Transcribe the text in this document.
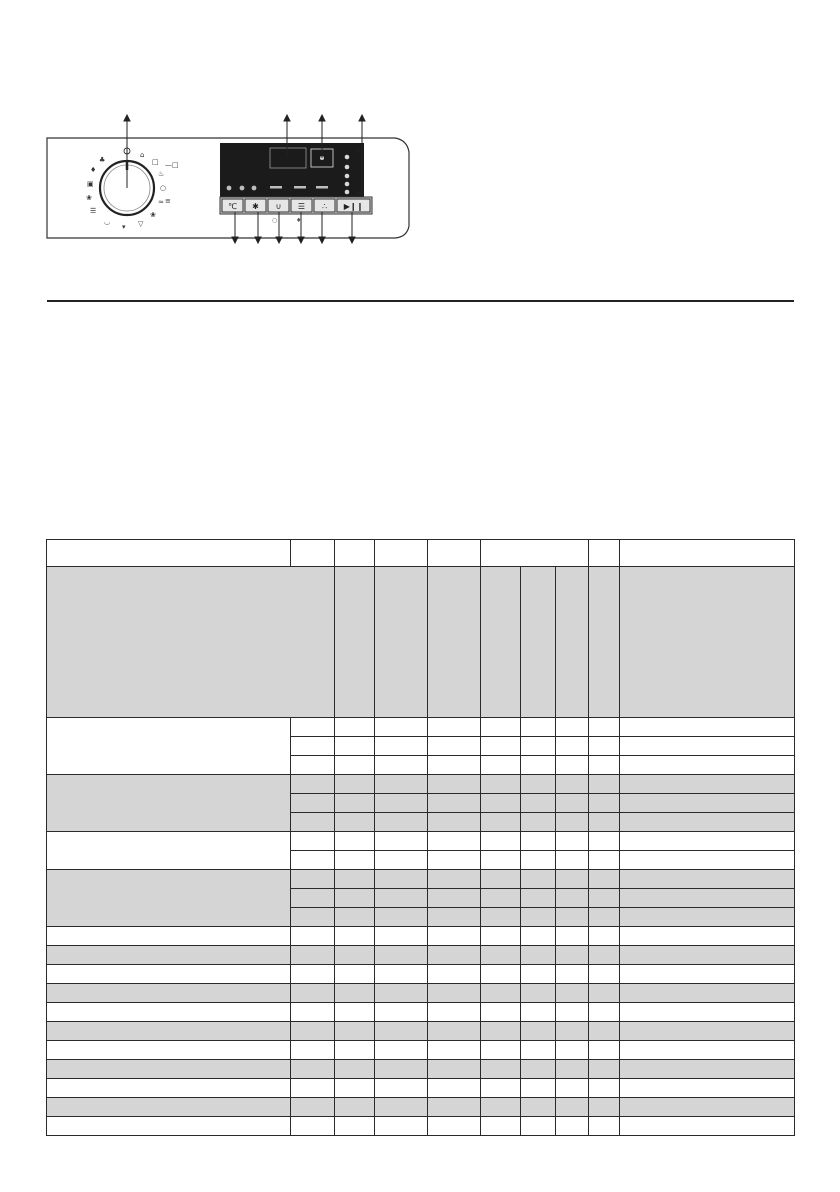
⌂
□
♨
○
≈
❀
▽
▾
◡
☰
❀
▣
♦
♣
—□
≡
℃ ✱ ∪ ☰ ∴ ▶❙❙
○	♦
